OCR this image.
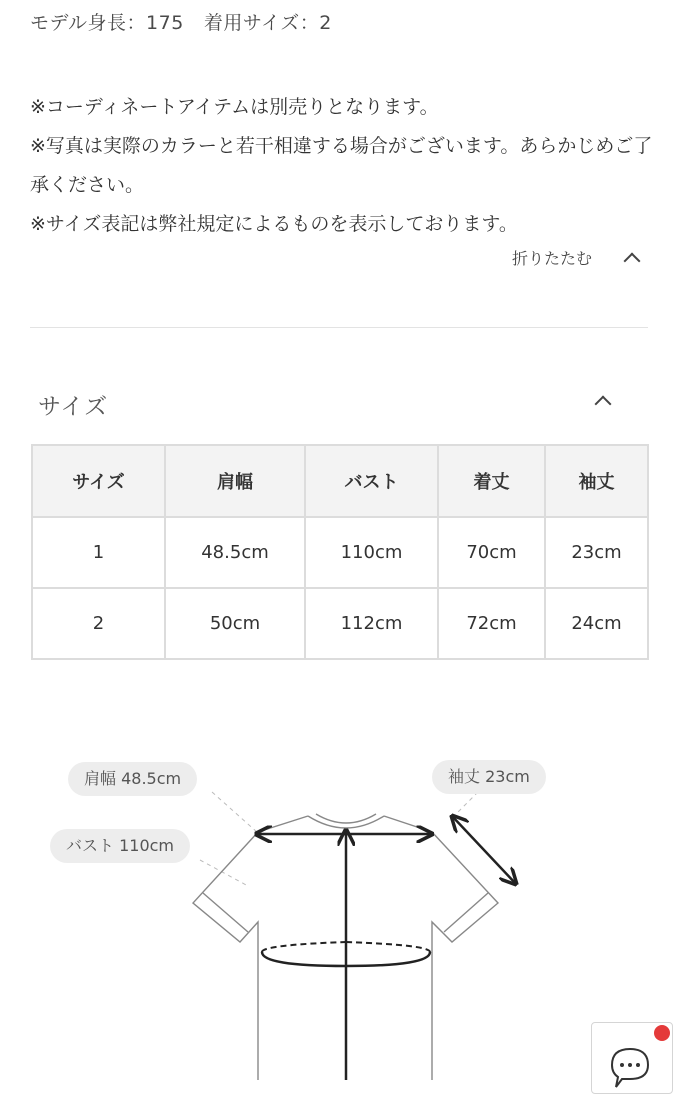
モデル身長：175 着用サイズ：2

※コーディネートアイテムは別売りとなります。

※写真は実際のカラーと若干相違する場合がございます。あらかじめご了承ください。

※サイズ表記は弊社規定によるものを表示しております。

折りたたむ
サイズ
サイズ	肩幅	バスト	着丈	袖丈
1	48.5cm	110cm	70cm	23cm
2	50cm	112cm	72cm	24cm
肩幅 48.5cm
バスト 110cm
袖丈 23cm
